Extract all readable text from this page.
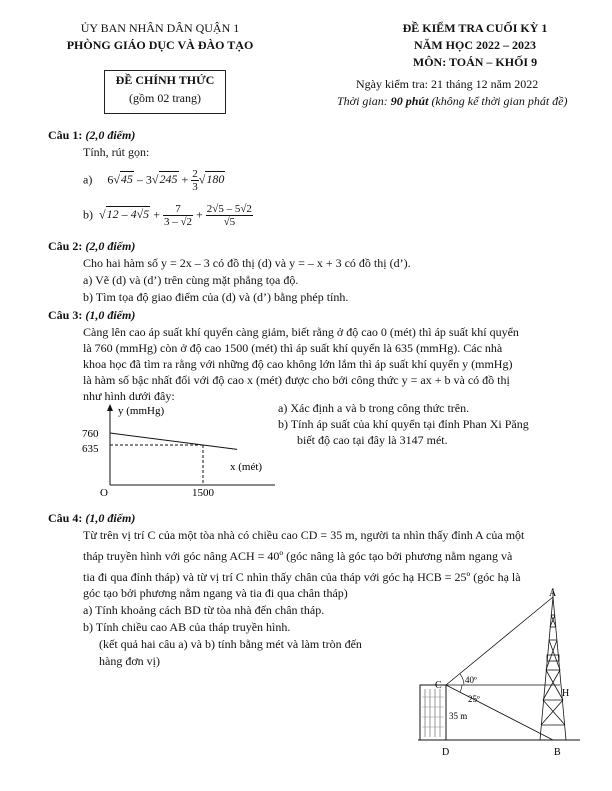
ỦY BAN NHÂN DÂN QUẬN 1
PHÒNG GIÁO DỤC VÀ ĐÀO TẠO
ĐỀ CHÍNH THỨC
(gồm 02 trang)
ĐỀ KIỂM TRA CUỐI KỲ 1
NĂM HỌC 2022 – 2023
MÔN: TOÁN – KHỐI 9
Ngày kiểm tra: 21 tháng 12 năm 2022
Thời gian: 90 phút (không kể thời gian phát đề)
Câu 1: (2,0 điểm)
Tính, rút gọn:
a) $6√45 - 3√245 + \frac{2}{3} √180$
b)  $√12 - 4√5 + \frac{7}{3 - √2} + \frac{2√5 - 5√2}{√5}$
Câu 2: (2,0 điểm)
Cho hai hàm số y = 2x – 3 có đồ thị (d) và y = – x + 3 có đồ thị (d’).
a) Vẽ (d) và (d’) trên cùng mặt phẳng tọa độ.
b) Tìm tọa độ giao điểm của (d) và (d’) bằng phép tính.
Câu 3: (1,0 điểm)
Càng lên cao áp suất khí quyển càng giảm, biết rằng ở độ cao 0 (mét) thì áp suất khí quyển
là 760 (mmHg) còn ở độ cao 1500 (mét) thì áp suất khí quyển là 635 (mmHg). Các nhà
khoa học đã tìm ra rằng với những độ cao không lớn lắm thì áp suất khí quyển y (mmHg)
là hàm số bậc nhất đối với độ cao x (mét) được cho bởi công thức y = ax + b và có đồ thị
như hình dưới đây:
760
635
y (mmHg)
x (mét)
O	1500
a) Xác định a và b trong công thức trên.
b) Tính áp suất của khí quyển tại đỉnh Phan Xi Păng
biết độ cao tại đây là 3147 mét.
Câu 4: (1,0 điểm)
Từ trên vị trí C của một tòa nhà có chiều cao CD = 35 m, người ta nhìn thấy đỉnh A của một
tháp truyền hình với góc nâng ACH = 40º (góc nâng là góc tạo bởi phương nằm ngang và
tia đi qua đỉnh tháp) và từ vị trí C nhìn thấy chân của tháp với góc hạ HCB = 25º (góc hạ là
góc tạo bởi phương nằm ngang và tia đi qua chân tháp)
a) Tính khoảng cách BD từ tòa nhà đến chân tháp.
b) Tính chiều cao AB của tháp truyền hình.
(kết quả hai câu a) và b) tính bằng mét và làm tròn đến
hàng đơn vị)
C
A
H
D	B
40º
25º
35 m
